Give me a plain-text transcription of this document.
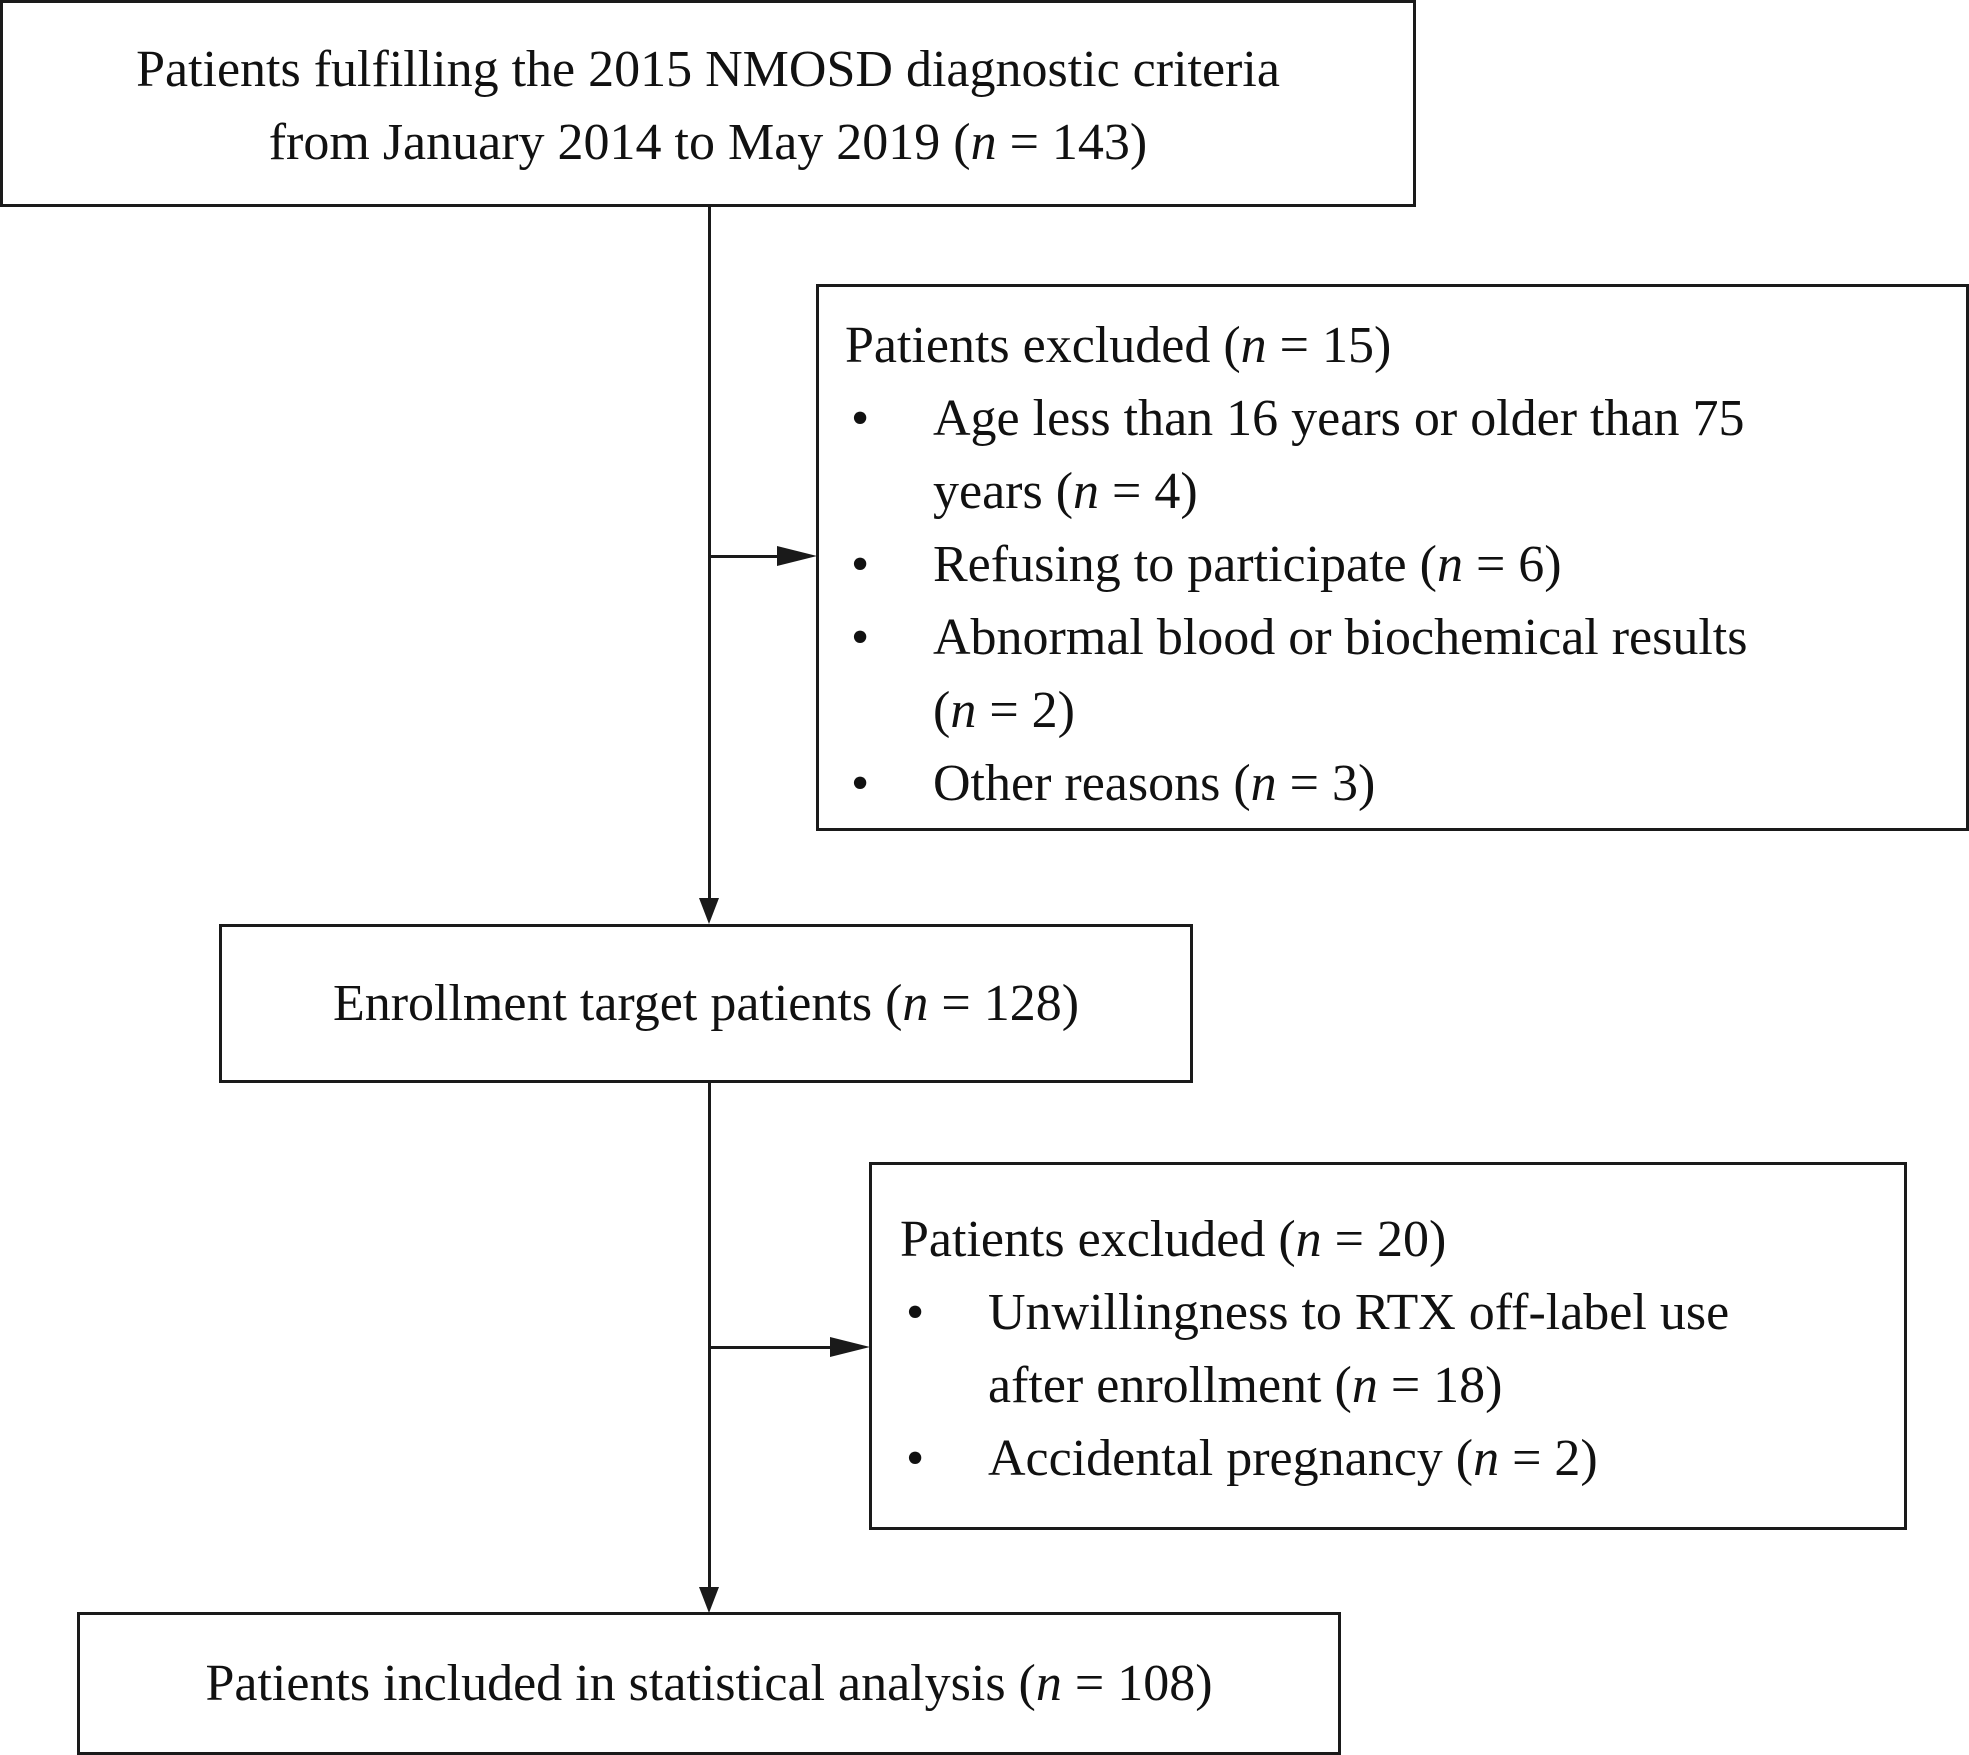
Patients fulfilling the 2015 NMOSD diagnostic criteria
from January 2014 to May 2019 (n = 143)
Patients excluded (n = 15)
• Age less than 16 years or older than 75
years (n = 4)
• Refusing to participate (n = 6)
• Abnormal blood or biochemical results
(n = 2)
• Other reasons (n = 3)
Enrollment target patients (n = 128)
Patients excluded (n = 20)
• Unwillingness to RTX off-label use
after enrollment (n = 18)
• Accidental pregnancy (n = 2)
Patients included in statistical analysis (n = 108)
